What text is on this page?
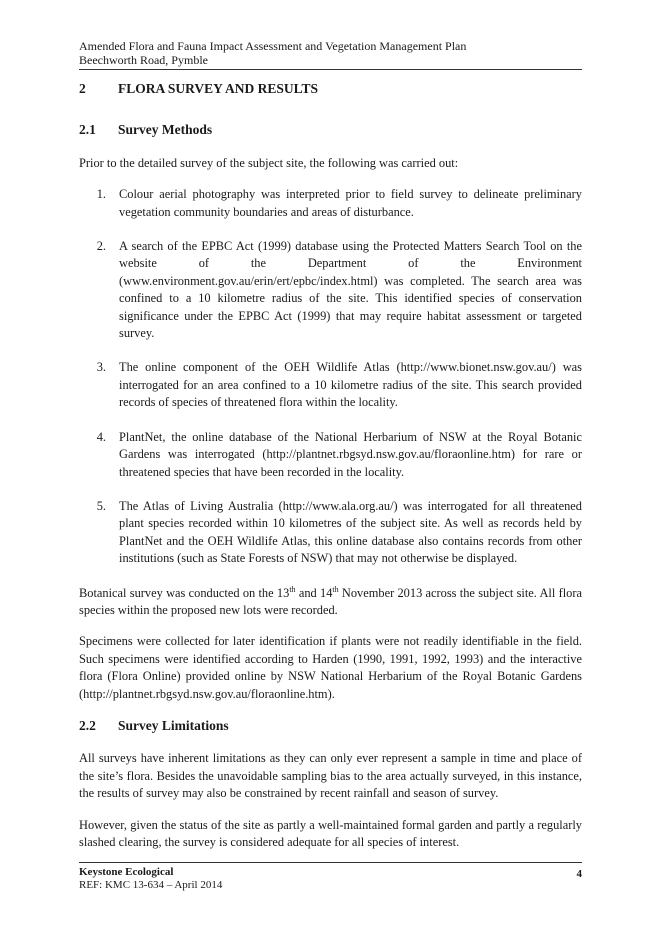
Amended Flora and Fauna Impact Assessment and Vegetation Management Plan
Beechworth Road, Pymble
2	FLORA SURVEY AND RESULTS
2.1	Survey Methods

Prior to the detailed survey of the subject site, the following was carried out:

1.	Colour aerial photography was interpreted prior to field survey to delineate preliminary vegetation community boundaries and areas of disturbance.
2.	A search of the EPBC Act (1999) database using the Protected Matters Search Tool on the website of the Department of the Environment (www.environment.gov.au/erin/ert/epbc/index.html) was completed. The search area was confined to a 10 kilometre radius of the site. This identified species of conservation significance under the EPBC Act (1999) that may require habitat assessment or targeted survey.
3.	The online component of the OEH Wildlife Atlas (http://www.bionet.nsw.gov.au/) was interrogated for an area confined to a 10 kilometre radius of the site. This search provided records of species of threatened flora within the locality.
4.	PlantNet, the online database of the National Herbarium of NSW at the Royal Botanic Gardens was interrogated (http://plantnet.rbgsyd.nsw.gov.au/floraonline.htm) for rare or threatened species that have been recorded in the locality.
5.	The Atlas of Living Australia (http://www.ala.org.au/) was interrogated for all threatened plant species recorded within 10 kilometres of the subject site. As well as records held by PlantNet and the OEH Wildlife Atlas, this online database also contains records from other institutions (such as State Forests of NSW) that may not otherwise be displayed.

Botanical survey was conducted on the 13th and 14th November 2013 across the subject site. All flora species within the proposed new lots were recorded.

Specimens were collected for later identification if plants were not readily identifiable in the field. Such specimens were identified according to Harden (1990, 1991, 1992, 1993) and the interactive flora (Flora Online) provided online by NSW National Herbarium of the Royal Botanic Gardens (http://plantnet.rbgsyd.nsw.gov.au/floraonline.htm).

2.2	Survey Limitations

All surveys have inherent limitations as they can only ever represent a sample in time and place of the site’s flora. Besides the unavoidable sampling bias to the area actually surveyed, in this instance, the results of survey may also be constrained by recent rainfall and season of survey.

However, given the status of the site as partly a well-maintained formal garden and partly a regularly slashed clearing, the survey is considered adequate for all species of interest.

Keystone Ecological
REF: KMC 13-634 – April 2014
4
